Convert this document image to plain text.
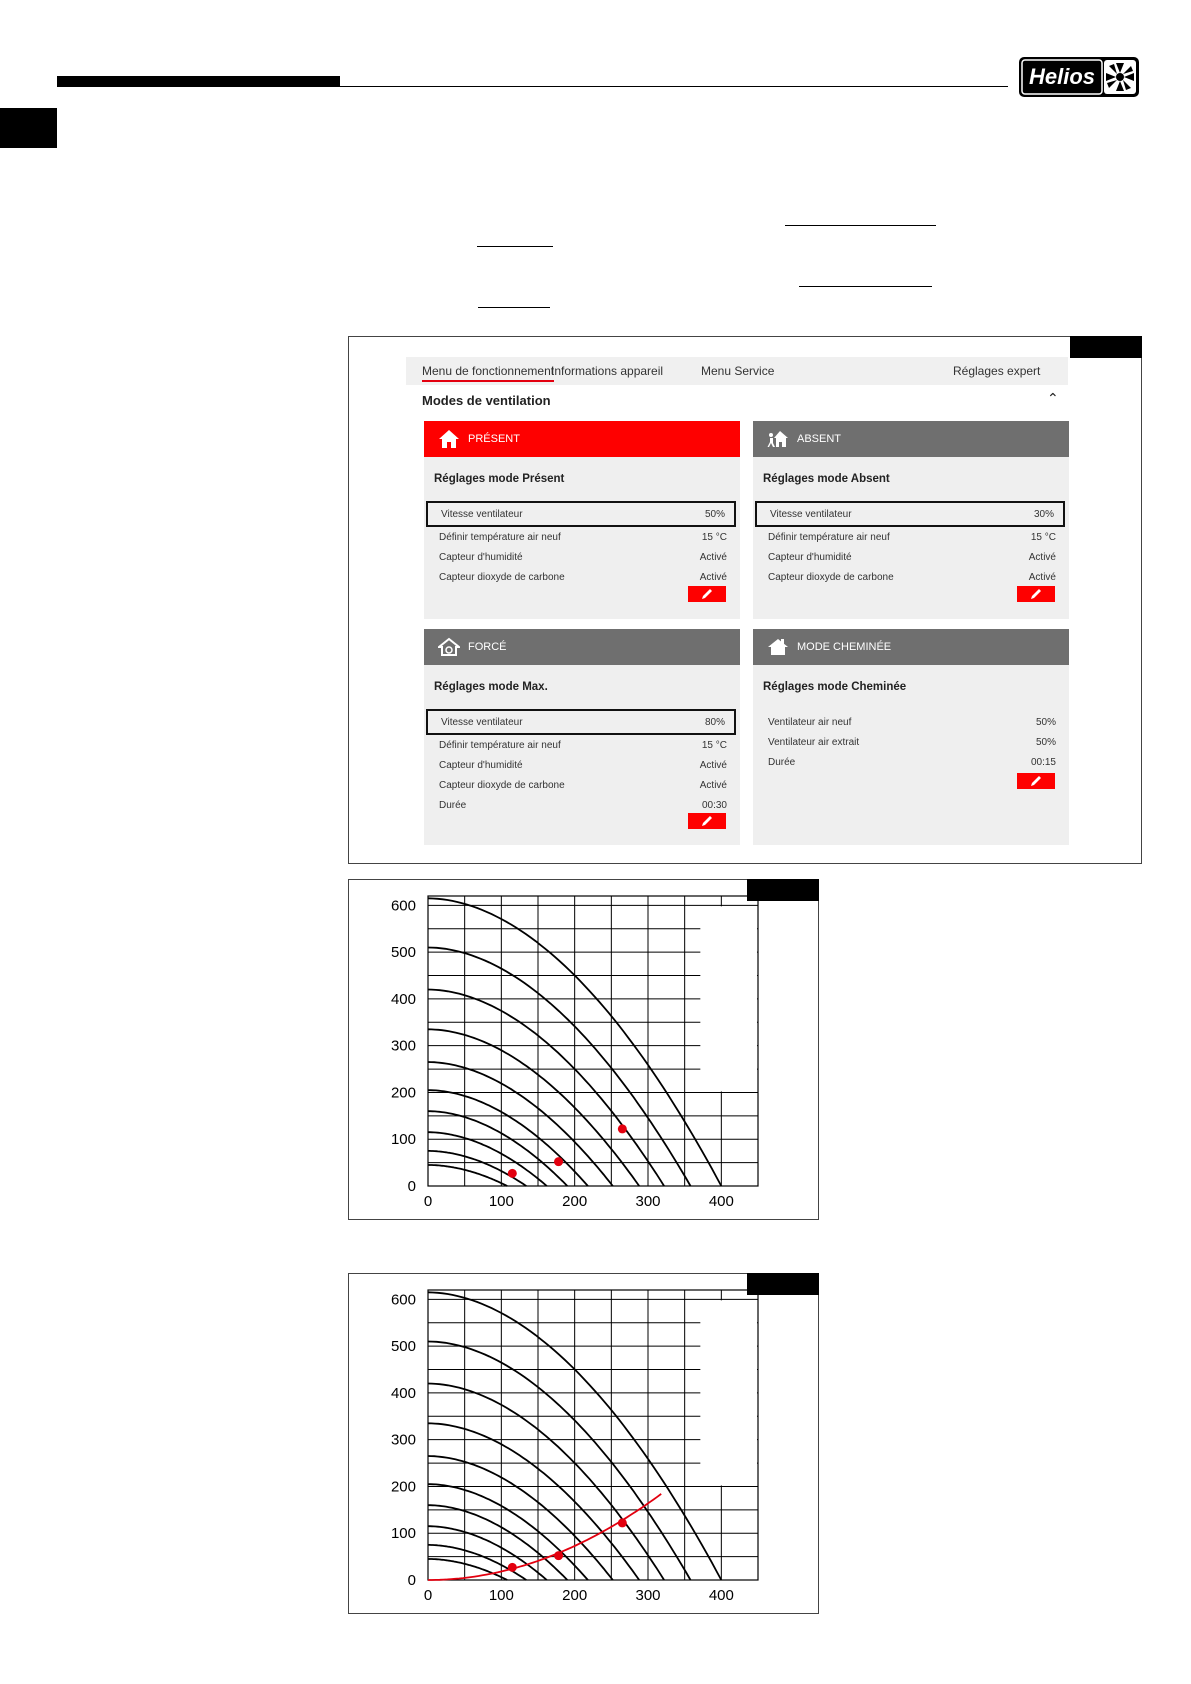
Helios
Menu de fonctionnement
Informations appareil	Menu Service	Réglages expert
Modes de ventilation	⌃
PRÉSENT
Réglages mode Présent
Vitesse ventilateur	50%
Définir température air neuf	15 °C
Capteur d'humidité	Activé
Capteur dioxyde de carbone	Activé
ABSENT
Réglages mode Absent
Vitesse ventilateur	30%
Définir température air neuf	15 °C
Capteur d'humidité	Activé
Capteur dioxyde de carbone	Activé
FORCÉ
Réglages mode Max.
Vitesse ventilateur	80%
Définir température air neuf	15 °C
Capteur d'humidité	Activé
Capteur dioxyde de carbone	Activé
Durée	00:30
MODE CHEMINÉE
Réglages mode Cheminée
Ventilateur air neuf	50%
Ventilateur air extrait	50%
Durée	00:15
0
100
200
300
400
500
600
0	100	200	300	400
0
100
200
300
400
500
600
0	100	200	300	400
